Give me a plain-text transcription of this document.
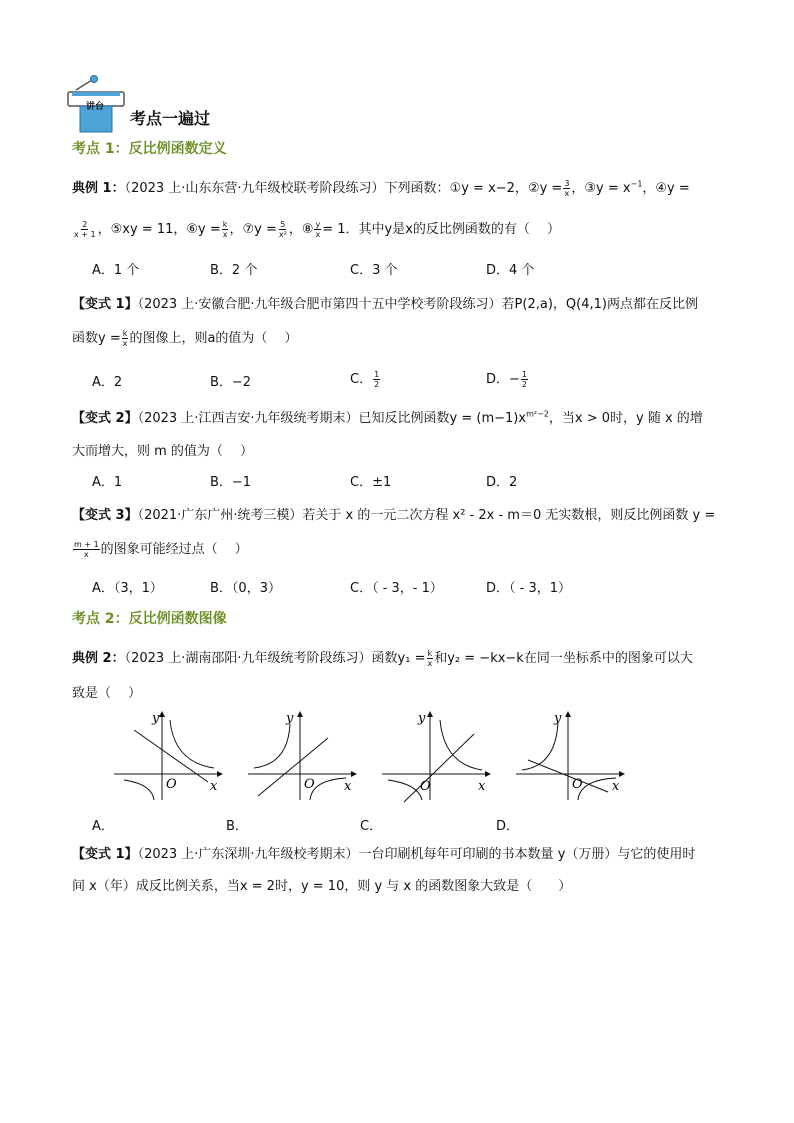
讲台
考点一遍过
考点 1：反比例函数定义
典例 1：（2023 上·山东东营·九年级校联考阶段练习）下列函数：①y = x−2，②y = $\frac{3}{x}$ ，③y = $x^{-1}$，④y =
$\frac{2}{x + 1}$ ，⑤xy = 11，⑥y = $\frac{k}{x}$ ，⑦y = $\frac{5}{\text{x²}}$ ，⑧ $\frac{y}{x} = 1$．其中y是x的反比例函数的有（　 ）
A．1 个	B．2 个	C．3 个	D．4 个
【变式 1】（2023 上·安徽合肥·九年级合肥市第四十五中学校考阶段练习）若P(2,a)，Q(4,1)两点都在反比例
函数$y = \frac{k}{x}$ 的图像上，则a的值为（　 ）
A．2	B．−2	C． $\frac{1}{2}$	D．− $\frac{1}{2}$
【变式 2】（2023 上·江西吉安·九年级统考期末）已知反比例函数$y = (m-1)x^{m^2-2}$，当x > 0时，y 随 x 的增
大而增大，则 m 的值为（　 ）
A．1	B．−1	C．±1	D．2
【变式 3】（2021·广东广州·统考三模）若关于 x 的一元二次方程 x² - 2x - m＝0 无实数根，则反比例函数 y =
$\frac{m + 1}{x}$ 的图象可能经过点（　 ）
A．（3，1）	B．（0，3）	C．（ - 3，- 1）	D．（ - 3，1）
考点 2：反比例函数图像
典例 2：（2023 上·湖南邵阳·九年级统考阶段练习）函数$y_1 = \frac{k}{x}$ 和y₂ = −kx−k在同一坐标系中的图象可以大
致是（　 ）
y
x
O
y
x
O
y
x
O
y
x
O
A．	B．	C．	D．
【变式 1】（2023 上·广东深圳·九年级校考期末）一台印刷机每年可印刷的书本数量 y（万册）与它的使用时
间 x（年）成反比例关系，当x = 2时，y = 10，则 y 与 x 的函数图象大致是（　　）
